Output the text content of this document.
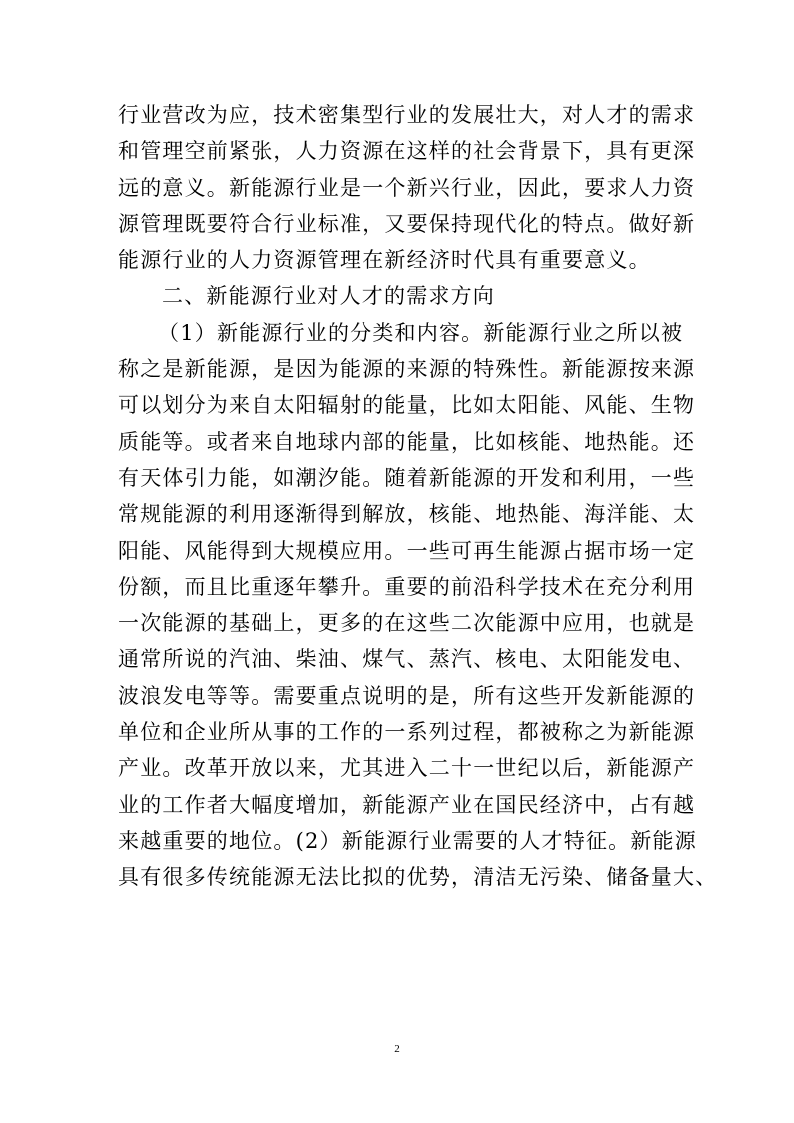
行业营改为应，技术密集型行业的发展壮大，对人才的需求
和管理空前紧张，人力资源在这样的社会背景下，具有更深
远的意义。新能源行业是一个新兴行业，因此，要求人力资
源管理既要符合行业标准，又要保持现代化的特点。做好新
能源行业的人力资源管理在新经济时代具有重要意义。
二、新能源行业对人才的需求方向
（1）新能源行业的分类和内容。新能源行业之所以被
称之是新能源，是因为能源的来源的特殊性。新能源按来源
可以划分为来自太阳辐射的能量，比如太阳能、风能、生物
质能等。或者来自地球内部的能量，比如核能、地热能。还
有天体引力能，如潮汐能。随着新能源的开发和利用，一些
常规能源的利用逐渐得到解放，核能、地热能、海洋能、太
阳能、风能得到大规模应用。一些可再生能源占据市场一定
份额，而且比重逐年攀升。重要的前沿科学技术在充分利用
一次能源的基础上，更多的在这些二次能源中应用，也就是
通常所说的汽油、柴油、煤气、蒸汽、核电、太阳能发电、
波浪发电等等。需要重点说明的是，所有这些开发新能源的
单位和企业所从事的工作的一系列过程，都被称之为新能源
产业。改革开放以来，尤其进入二十一世纪以后，新能源产
业的工作者大幅度增加，新能源产业在国民经济中，占有越
来越重要的地位。(2）新能源行业需要的人才特征。新能源
具有很多传统能源无法比拟的优势，清洁无污染、储备量大、
2
